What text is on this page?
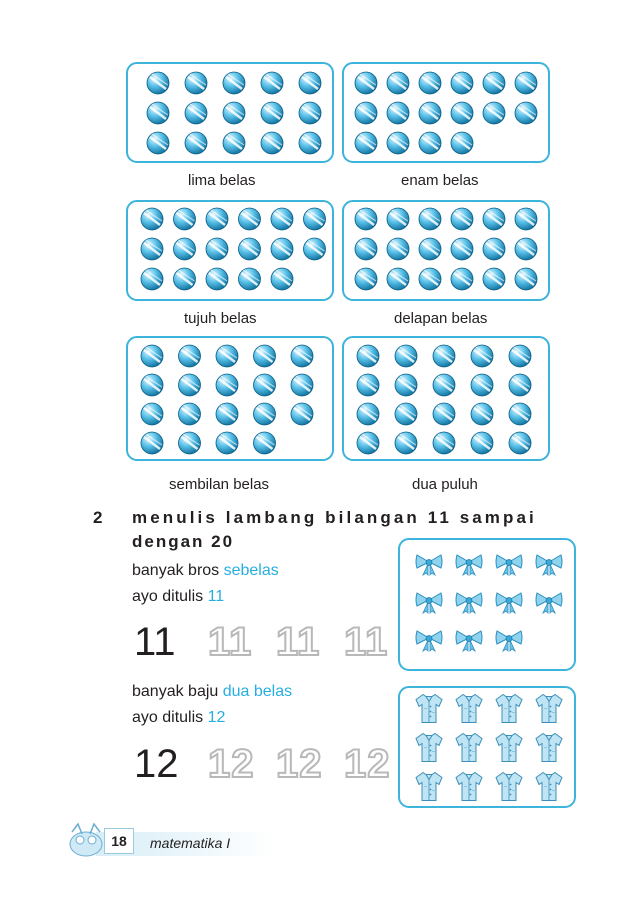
lima belas	enam belas
tujuh belas	delapan belas
sembilan belas	dua puluh
2 menulis lambang bilangan 11 sampai
dengan 20
banyak bros sebelas
ayo ditulis 11
11 11 11 11
banyak baju dua belas
ayo ditulis 12
12 12 12 12
18	matematika I
